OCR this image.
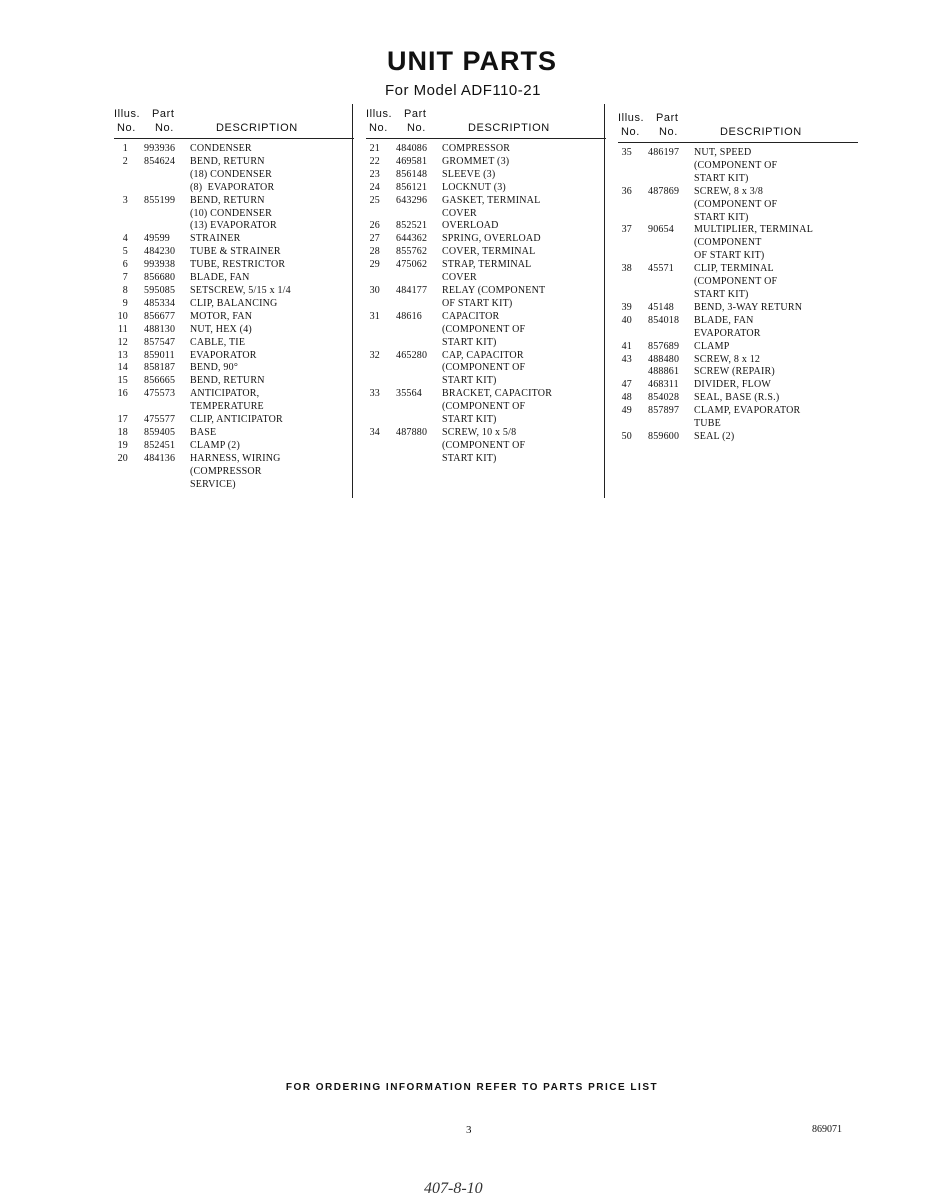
UNIT PARTS
For Model ADF110-21
Illus. Part
No. No.	DESCRIPTION
1	993936	CONDENSER
2	854624	BEND, RETURN
(18) CONDENSER
(8)  EVAPORATOR
3	855199	BEND, RETURN
(10) CONDENSER
(13) EVAPORATOR
4	49599	STRAINER
5	484230	TUBE & STRAINER
6	993938	TUBE, RESTRICTOR
7	856680	BLADE, FAN
8	595085	SETSCREW, 5/15 x 1/4
9	485334	CLIP, BALANCING
10	856677	MOTOR, FAN
11	488130	NUT, HEX (4)
12	857547	CABLE, TIE
13	859011	EVAPORATOR
14	858187	BEND, 90°
15	856665	BEND, RETURN
16	475573	ANTICIPATOR,
TEMPERATURE
17	475577	CLIP, ANTICIPATOR
18	859405	BASE
19	852451	CLAMP (2)
20	484136	HARNESS, WIRING
(COMPRESSOR
SERVICE)
Illus. Part
No. No.	DESCRIPTION
21	484086	COMPRESSOR
22	469581	GROMMET (3)
23	856148	SLEEVE (3)
24	856121	LOCKNUT (3)
25	643296	GASKET, TERMINAL
COVER
26	852521	OVERLOAD
27	644362	SPRING, OVERLOAD
28	855762	COVER, TERMINAL
29	475062	STRAP, TERMINAL
COVER
30	484177	RELAY (COMPONENT
OF START KIT)
31	48616	CAPACITOR
(COMPONENT OF
START KIT)
32	465280	CAP, CAPACITOR
(COMPONENT OF
START KIT)
33	35564	BRACKET, CAPACITOR
(COMPONENT OF
START KIT)
34	487880	SCREW, 10 x 5/8
(COMPONENT OF
START KIT)
Illus. Part
No. No.	DESCRIPTION
35	486197	NUT, SPEED
(COMPONENT OF
START KIT)
36	487869	SCREW, 8 x 3/8
(COMPONENT OF
START KIT)
37	90654	MULTIPLIER, TERMINAL
(COMPONENT
OF START KIT)
38	45571	CLIP, TERMINAL
(COMPONENT OF
START KIT)
39	45148	BEND, 3-WAY RETURN
40	854018	BLADE, FAN
EVAPORATOR
41	857689	CLAMP
43	488480	SCREW, 8 x 12
488861	SCREW (REPAIR)
47	468311	DIVIDER, FLOW
48	854028	SEAL, BASE (R.S.)
49	857897	CLAMP, EVAPORATOR
TUBE
50	859600	SEAL (2)
FOR ORDERING INFORMATION REFER TO PARTS PRICE LIST
3	869071
407-8-10
